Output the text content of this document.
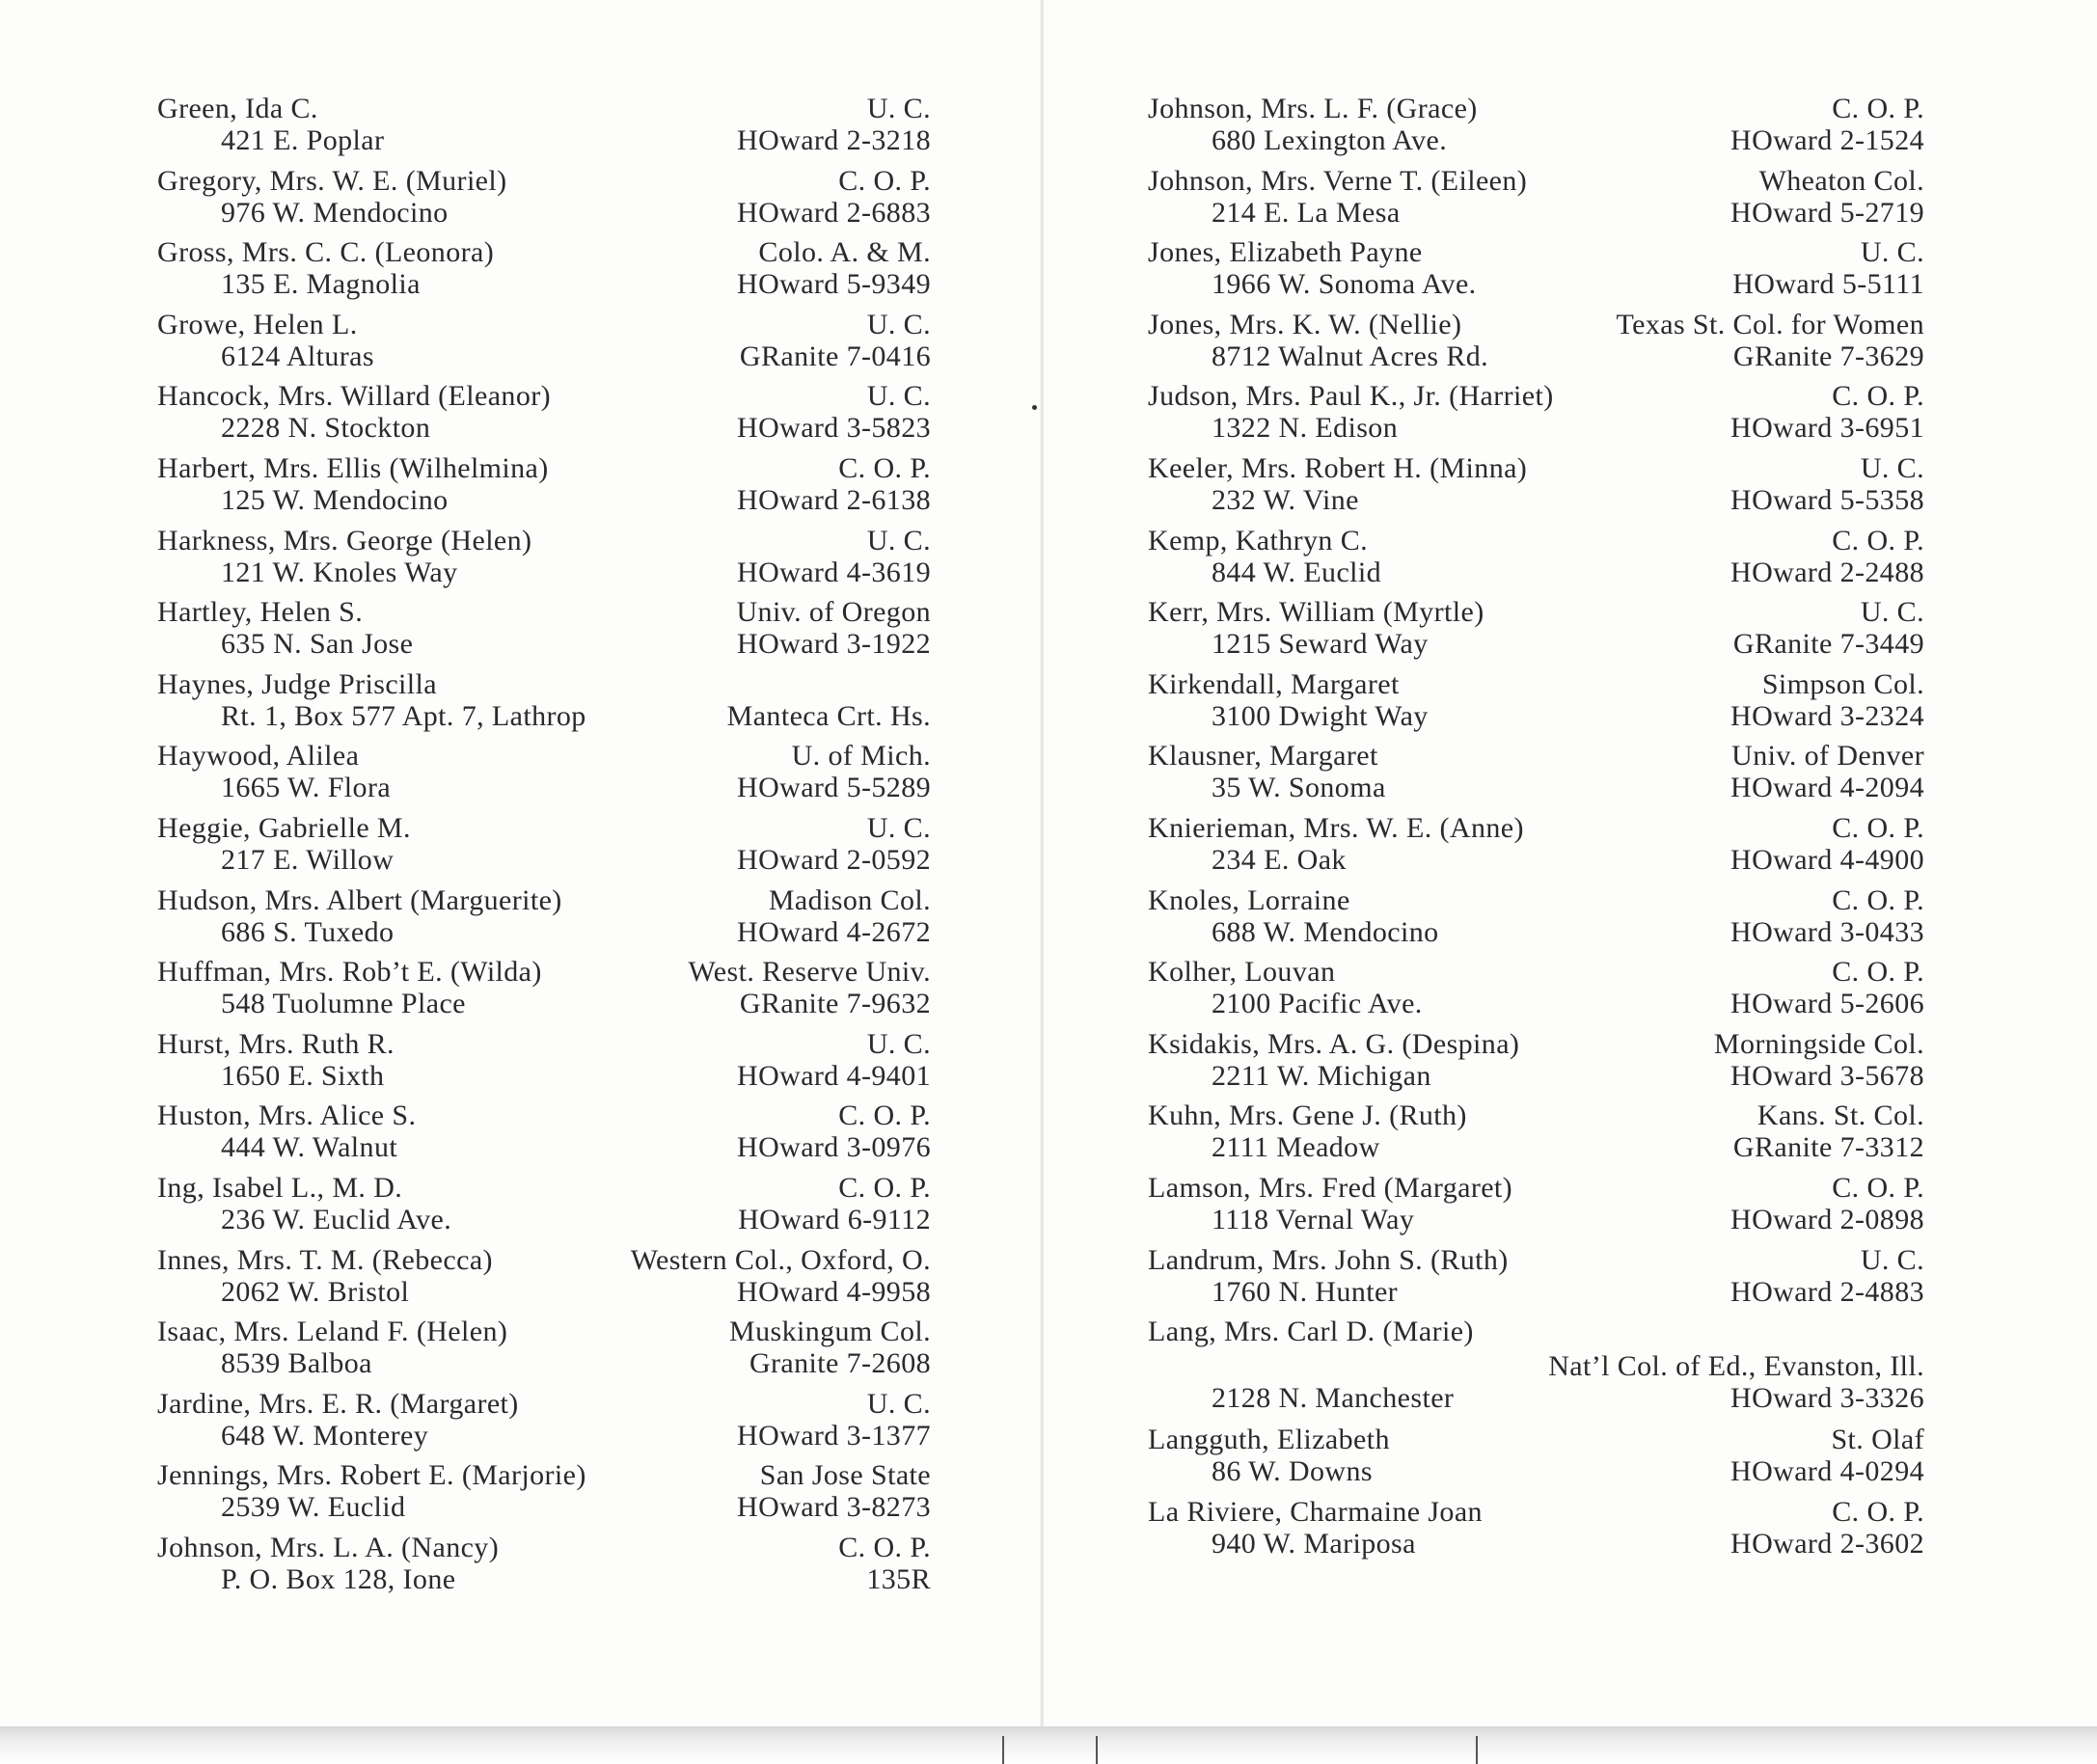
Green, Ida C.	U. C.
421 E. Poplar	HOward 2-3218
Gregory, Mrs. W. E. (Muriel)	C. O. P.
976 W. Mendocino	HOward 2-6883
Gross, Mrs. C. C. (Leonora)	Colo. A. & M.
135 E. Magnolia	HOward 5-9349
Growe, Helen L.	U. C.
6124 Alturas	GRanite 7-0416
Hancock, Mrs. Willard (Eleanor)	U. C.
2228 N. Stockton	HOward 3-5823
Harbert, Mrs. Ellis (Wilhelmina)	C. O. P.
125 W. Mendocino	HOward 2-6138
Harkness, Mrs. George (Helen)	U. C.
121 W. Knoles Way	HOward 4-3619
Hartley, Helen S.	Univ. of Oregon
635 N. San Jose	HOward 3-1922
Haynes, Judge Priscilla
Rt. 1, Box 577 Apt. 7, Lathrop	Manteca Crt. Hs.
Haywood, Alilea	U. of Mich.
1665 W. Flora	HOward 5-5289
Heggie, Gabrielle M.	U. C.
217 E. Willow	HOward 2-0592
Hudson, Mrs. Albert (Marguerite)	Madison Col.
686 S. Tuxedo	HOward 4-2672
Huffman, Mrs. Rob’t E. (Wilda)	West. Reserve Univ.
548 Tuolumne Place	GRanite 7-9632
Hurst, Mrs. Ruth R.	U. C.
1650 E. Sixth	HOward 4-9401
Huston, Mrs. Alice S.	C. O. P.
444 W. Walnut	HOward 3-0976
Ing, Isabel L., M. D.	C. O. P.
236 W. Euclid Ave.	HOward 6-9112
Innes, Mrs. T. M. (Rebecca)	Western Col., Oxford, O.
2062 W. Bristol	HOward 4-9958
Isaac, Mrs. Leland F. (Helen)	Muskingum Col.
8539 Balboa	Granite 7-2608
Jardine, Mrs. E. R. (Margaret)	U. C.
648 W. Monterey	HOward 3-1377
Jennings, Mrs. Robert E. (Marjorie)	San Jose State
2539 W. Euclid	HOward 3-8273
Johnson, Mrs. L. A. (Nancy)	C. O. P.
P. O. Box 128, Ione	135R
Johnson, Mrs. L. F. (Grace)	C. O. P.
680 Lexington Ave.	HOward 2-1524
Johnson, Mrs. Verne T. (Eileen)	Wheaton Col.
214 E. La Mesa	HOward 5-2719
Jones, Elizabeth Payne	U. C.
1966 W. Sonoma Ave.	HOward 5-5111
Jones, Mrs. K. W. (Nellie)	Texas St. Col. for Women
8712 Walnut Acres Rd.	GRanite 7-3629
Judson, Mrs. Paul K., Jr. (Harriet)	C. O. P.
1322 N. Edison	HOward 3-6951
Keeler, Mrs. Robert H. (Minna)	U. C.
232 W. Vine	HOward 5-5358
Kemp, Kathryn C.	C. O. P.
844 W. Euclid	HOward 2-2488
Kerr, Mrs. William (Myrtle)	U. C.
1215 Seward Way	GRanite 7-3449
Kirkendall, Margaret	Simpson Col.
3100 Dwight Way	HOward 3-2324
Klausner, Margaret	Univ. of Denver
35 W. Sonoma	HOward 4-2094
Knierieman, Mrs. W. E. (Anne)	C. O. P.
234 E. Oak	HOward 4-4900
Knoles, Lorraine	C. O. P.
688 W. Mendocino	HOward 3-0433
Kolher, Louvan	C. O. P.
2100 Pacific Ave.	HOward 5-2606
Ksidakis, Mrs. A. G. (Despina)	Morningside Col.
2211 W. Michigan	HOward 3-5678
Kuhn, Mrs. Gene J. (Ruth)	Kans. St. Col.
2111 Meadow	GRanite 7-3312
Lamson, Mrs. Fred (Margaret)	C. O. P.
1118 Vernal Way	HOward 2-0898
Landrum, Mrs. John S. (Ruth)	U. C.
1760 N. Hunter	HOward 2-4883
Lang, Mrs. Carl D. (Marie)
Nat’l Col. of Ed., Evanston, Ill.
2128 N. Manchester	HOward 3-3326
Langguth, Elizabeth	St. Olaf
86 W. Downs	HOward 4-0294
La Riviere, Charmaine Joan	C. O. P.
940 W. Mariposa	HOward 2-3602
